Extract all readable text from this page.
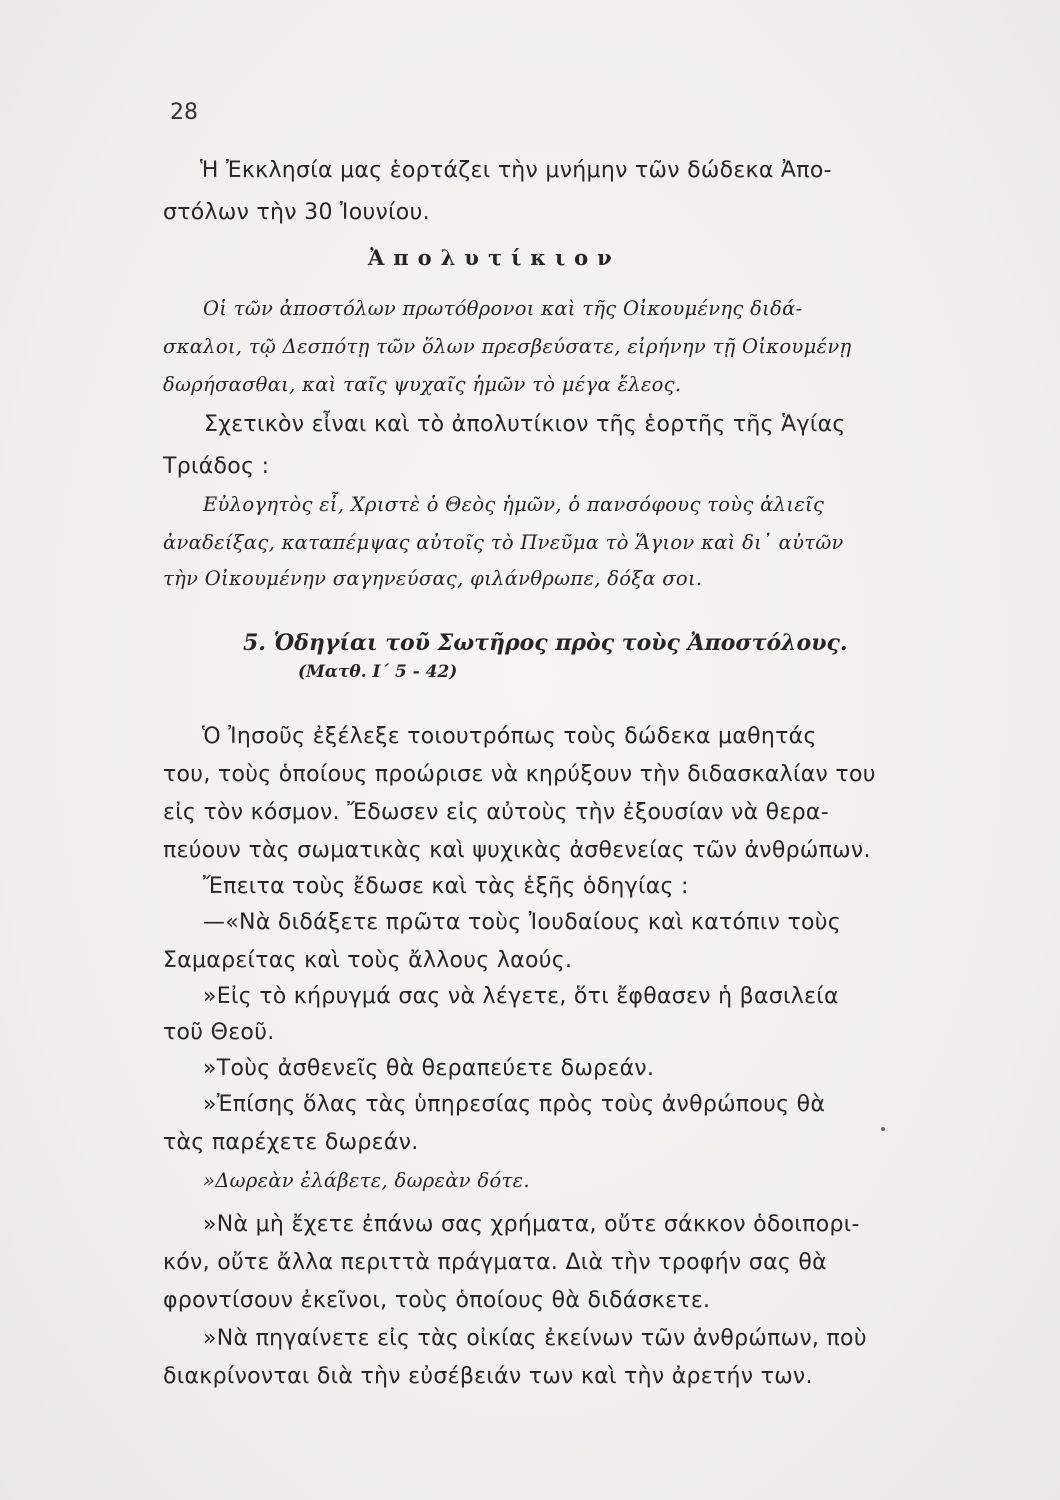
28

Ἡ Ἐκκλησία μας ἑορτάζει τὴν μνήμην τῶν δώδεκα Ἀπο-

στόλων τὴν 30 Ἰουνίου.

Ἀπολυτίκιον

Οἱ τῶν ἀποστόλων πρωτόθρονοι καὶ τῆς Οἰκουμένης διδά-

σκαλοι, τῷ Δεσπότῃ τῶν ὅλων πρεσβεύσατε, εἰρήνην τῇ Οἰκουμένῃ

δωρήσασθαι, καὶ ταῖς ψυχαῖς ἡμῶν τὸ μέγα ἔλεος.

Σχετικὸν εἶναι καὶ τὸ ἀπολυτίκιον τῆς ἑορτῆς τῆς Ἁγίας

Τριάδος :

Εὐλογητὸς εἶ, Χριστὲ ὁ Θεὸς ἡμῶν, ὁ πανσόφους τοὺς ἁλιεῖς

ἀναδείξας, καταπέμψας αὐτοῖς τὸ Πνεῦμα τὸ Ἅγιον καὶ δι᾽ αὐτῶν

τὴν Οἰκουμένην σαγηνεύσας, φιλάνθρωπε, δόξα σοι.

5. Ὁδηγίαι τοῦ Σωτῆρος πρὸς τοὺς Ἀποστόλους.
(Ματθ. Ι΄ 5 - 42)

Ὁ Ἰησοῦς ἐξέλεξε τοιουτρόπως τοὺς δώδεκα μαθητάς

του, τοὺς ὁποίους προώρισε νὰ κηρύξουν τὴν διδασκαλίαν του

εἰς τὸν κόσμον. Ἔδωσεν εἰς αὐτοὺς τὴν ἐξουσίαν νὰ θερα-

πεύουν τὰς σωματικὰς καὶ ψυχικὰς ἀσθενείας τῶν ἀνθρώπων.

Ἔπειτα τοὺς ἔδωσε καὶ τὰς ἑξῆς ὁδηγίας :

—«Νὰ διδάξετε πρῶτα τοὺς Ἰουδαίους καὶ κατόπιν τοὺς

Σαμαρείτας καὶ τοὺς ἄλλους λαούς.

»Εἰς τὸ κήρυγμά σας νὰ λέγετε, ὅτι ἔφθασεν ἡ βασιλεία

τοῦ Θεοῦ.

»Τοὺς ἀσθενεῖς θὰ θεραπεύετε δωρεάν.

»Ἐπίσης ὅλας τὰς ὑπηρεσίας πρὸς τοὺς ἀνθρώπους θὰ

τὰς παρέχετε δωρεάν.

»Δωρεὰν ἐλάβετε, δωρεὰν δότε.

»Νὰ μὴ ἔχετε ἐπάνω σας χρήματα, οὔτε σάκκον ὁδοιπορι-

κόν, οὔτε ἄλλα περιττὰ πράγματα. Διὰ τὴν τροφήν σας θὰ

φροντίσουν ἐκεῖνοι, τοὺς ὁποίους θὰ διδάσκετε.

»Νὰ πηγαίνετε εἰς τὰς οἰκίας ἐκείνων τῶν ἀνθρώπων, ποὺ

διακρίνονται διὰ τὴν εὐσέβειάν των καὶ τὴν ἀρετήν των.
